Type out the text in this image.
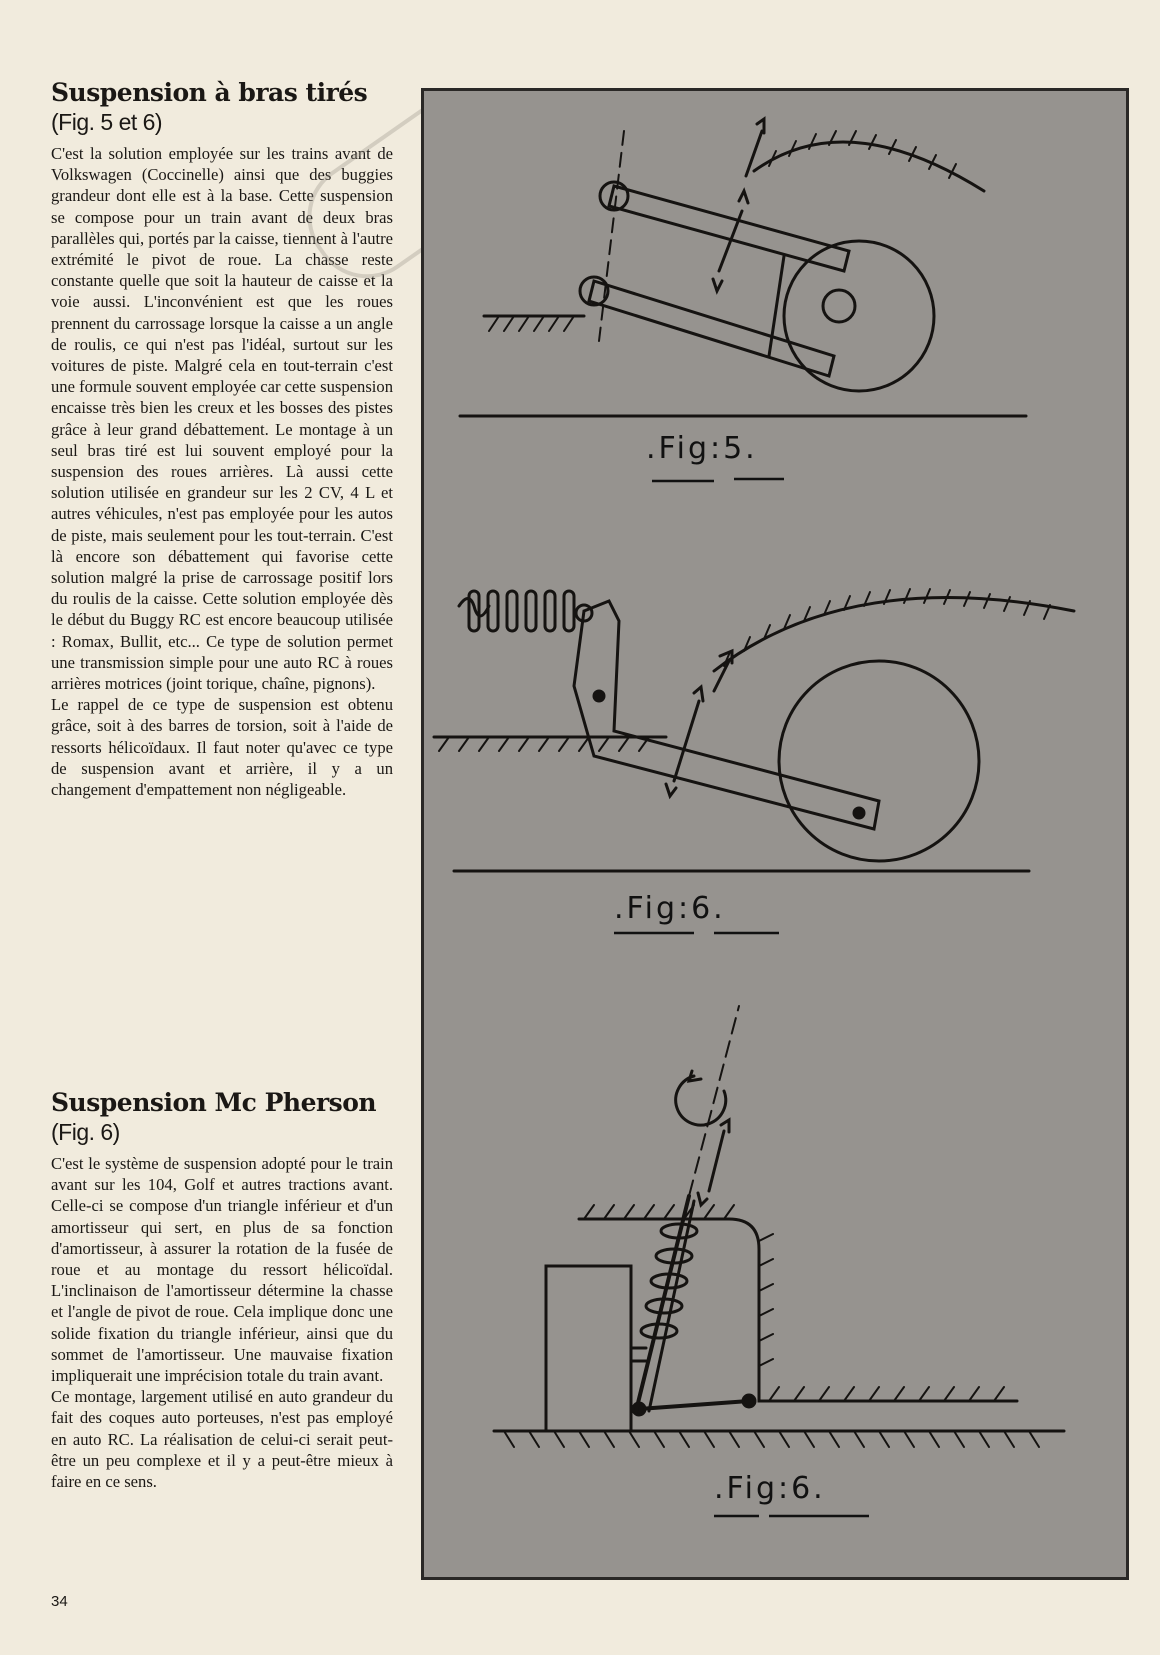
Suspension à bras tirés (Fig. 5 et 6)

C'est la solution employée sur les trains avant de Volkswagen (Coccinelle) ainsi que des buggies grandeur dont elle est à la base. Cette suspension se compose pour un train avant de deux bras parallèles qui, portés par la caisse, tiennent à l'autre extrémité le pivot de roue. La chasse reste constante quelle que soit la hauteur de caisse et la voie aussi. L'inconvénient est que les roues prennent du carrossage lorsque la caisse a un angle de roulis, ce qui n'est pas l'idéal, surtout sur les voitures de piste. Malgré cela en tout-terrain c'est une formule souvent employée car cette suspension encaisse très bien les creux et les bosses des pistes grâce à leur grand débattement. Le montage à un seul bras tiré est lui souvent employé pour la suspension des roues arrières. Là aussi cette solution utilisée en grandeur sur les 2 CV, 4 L et autres véhicules, n'est pas employée pour les autos de piste, mais seulement pour les tout-terrain. C'est là encore son débattement qui favorise cette solution malgré la prise de carrossage positif lors du roulis de la caisse. Cette solution employée dès le début du Buggy RC est encore beaucoup utilisée : Romax, Bullit, etc... Ce type de solution permet une transmission simple pour une auto RC à roues arrières motrices (joint torique, chaîne, pignons).

Le rappel de ce type de suspension est obtenu grâce, soit à des barres de torsion, soit à l'aide de ressorts hélicoïdaux. Il faut noter qu'avec ce type de suspension avant et arrière, il y a un changement d'empattement non négligeable.

Suspension Mc Pherson (Fig. 6)

C'est le système de suspension adopté pour le train avant sur les 104, Golf et autres tractions avant. Celle-ci se compose d'un triangle inférieur et d'un amortisseur qui sert, en plus de sa fonction d'amortisseur, à assurer la rotation de la fusée de roue et au montage du ressort hélicoïdal. L'inclinaison de l'amortisseur détermine la chasse et l'angle de pivot de roue. Cela implique donc une solide fixation du triangle inférieur, ainsi que du sommet de l'amortisseur. Une mauvaise fixation impliquerait une imprécision totale du train avant.

Ce montage, largement utilisé en auto grandeur du fait des coques auto porteuses, n'est pas employé en auto RC. La réalisation de celui-ci serait peut-être un peu complexe et il y a peut-être mieux à faire en ce sens.

34
.Fig:5.
.Fig:6.
.Fig:6.
